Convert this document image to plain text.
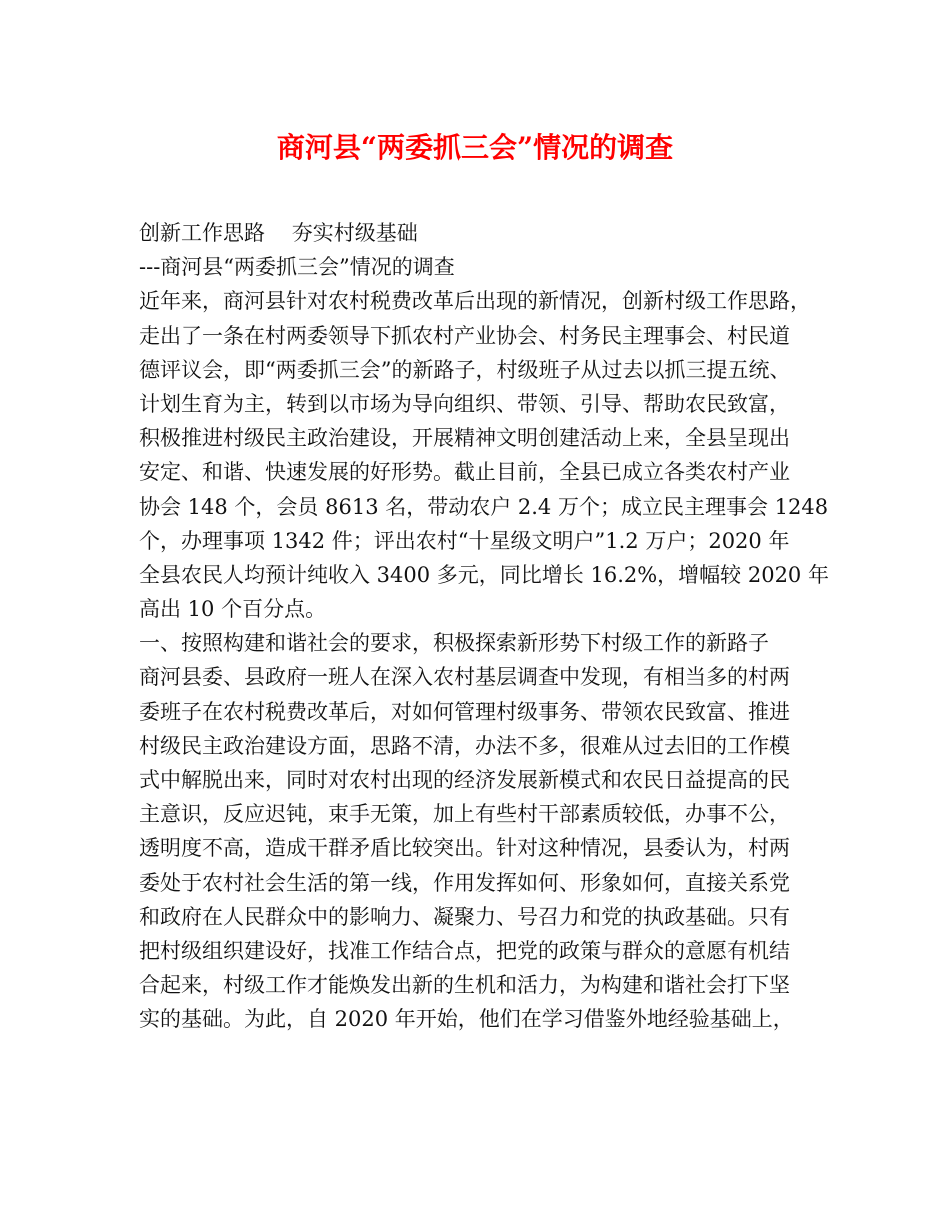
商河县“两委抓三会”情况的调查
创新工作思路    夯实村级基础
---商河县“两委抓三会”情况的调查
近年来，商河县针对农村税费改革后出现的新情况，创新村级工作思路，
走出了一条在村两委领导下抓农村产业协会、村务民主理事会、村民道
德评议会，即“两委抓三会”的新路子，村级班子从过去以抓三提五统、
计划生育为主，转到以市场为导向组织、带领、引导、帮助农民致富，
积极推进村级民主政治建设，开展精神文明创建活动上来，全县呈现出
安定、和谐、快速发展的好形势。截止目前，全县已成立各类农村产业
协会 148 个，会员 8613 名，带动农户 2.4 万个；成立民主理事会 1248
个，办理事项 1342 件；评出农村“十星级文明户”1.2 万户；2020 年
全县农民人均预计纯收入 3400 多元，同比增长 16.2%，增幅较 2020 年
高出 10 个百分点。
一、按照构建和谐社会的要求，积极探索新形势下村级工作的新路子
商河县委、县政府一班人在深入农村基层调查中发现，有相当多的村两
委班子在农村税费改革后，对如何管理村级事务、带领农民致富、推进
村级民主政治建设方面，思路不清，办法不多，很难从过去旧的工作模
式中解脱出来，同时对农村出现的经济发展新模式和农民日益提高的民
主意识，反应迟钝，束手无策，加上有些村干部素质较低，办事不公，
透明度不高，造成干群矛盾比较突出。针对这种情况，县委认为，村两
委处于农村社会生活的第一线，作用发挥如何、形象如何，直接关系党
和政府在人民群众中的影响力、凝聚力、号召力和党的执政基础。只有
把村级组织建设好，找准工作结合点，把党的政策与群众的意愿有机结
合起来，村级工作才能焕发出新的生机和活力，为构建和谐社会打下坚
实的基础。为此，自 2020 年开始，他们在学习借鉴外地经验基础上，
